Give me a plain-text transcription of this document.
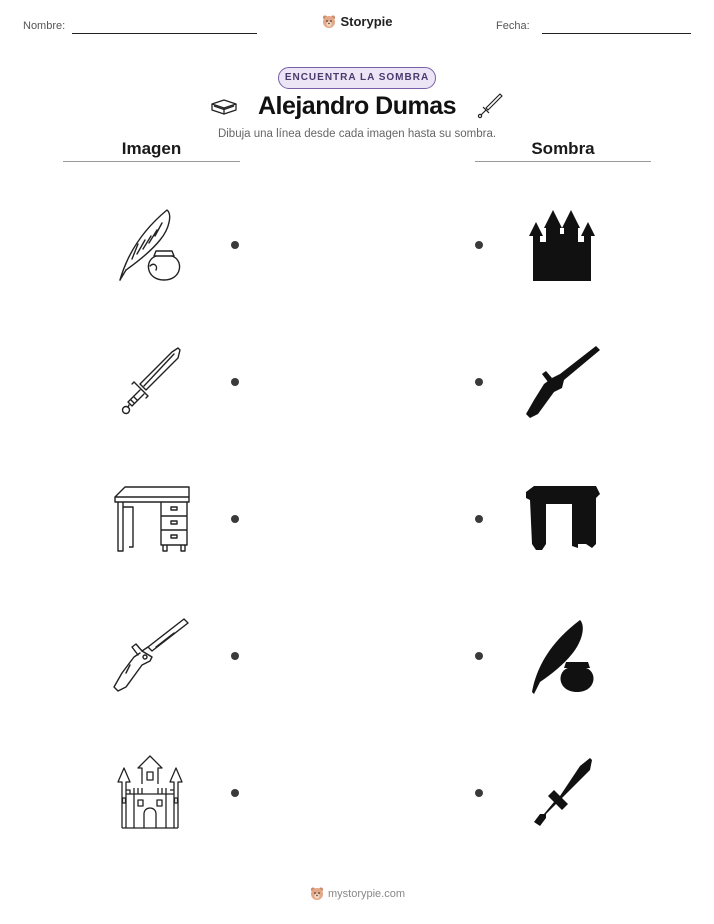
Nombre:	Fecha:
Storypie
ENCUENTRA LA SOMBRA
Alejandro Dumas
Dibuja una línea desde cada imagen hasta su sombra.
Imagen	Sombra
mystorypie.com
